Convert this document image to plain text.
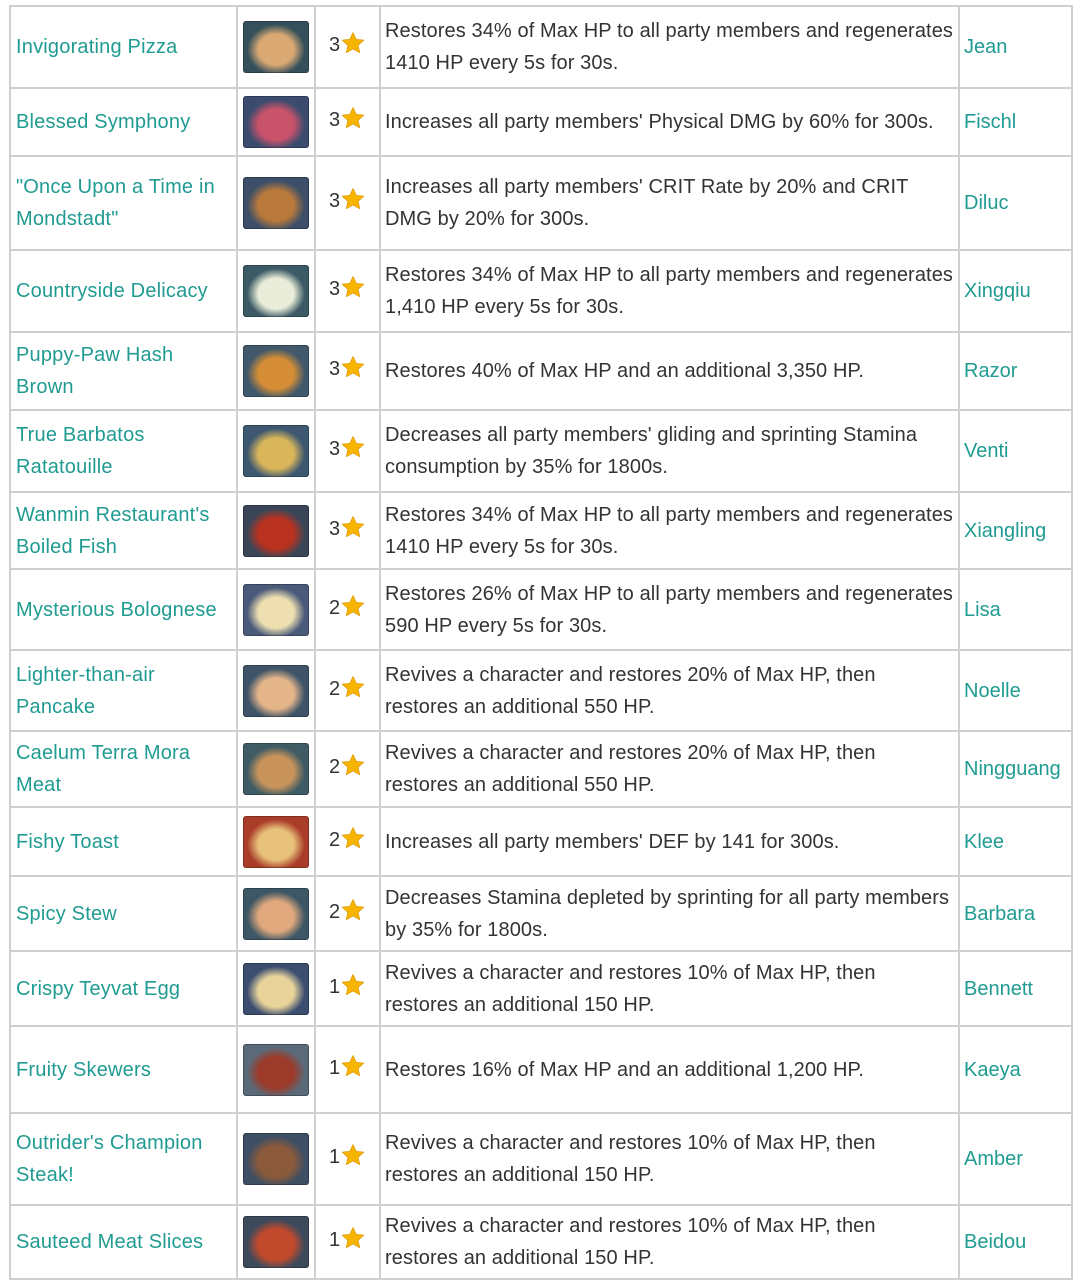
Invigorating Pizza		3	Restores 34% of Max HP to all party members and regenerates 1410 HP every 5s for 30s.	Jean
Blessed Symphony		3	Increases all party members' Physical DMG by 60% for 300s.	Fischl
"Once Upon a Time in Mondstadt"		3	Increases all party members' CRIT Rate by 20% and CRIT DMG by 20% for 300s.	Diluc
Countryside Delicacy		3	Restores 34% of Max HP to all party members and regenerates 1,410 HP every 5s for 30s.	Xingqiu
Puppy-Paw Hash Brown		3	Restores 40% of Max HP and an additional 3,350 HP.	Razor
True Barbatos Ratatouille		3	Decreases all party members' gliding and sprinting Stamina consumption by 35% for 1800s.	Venti
Wanmin Restaurant's Boiled Fish		3	Restores 34% of Max HP to all party members and regenerates 1410 HP every 5s for 30s.	Xiangling
Mysterious Bolognese		2	Restores 26% of Max HP to all party members and regenerates 590 HP every 5s for 30s.	Lisa
Lighter-than-air Pancake		2	Revives a character and restores 20% of Max HP, then restores an additional 550 HP.	Noelle
Caelum Terra Mora Meat		2	Revives a character and restores 20% of Max HP, then restores an additional 550 HP.	Ningguang
Fishy Toast		2	Increases all party members' DEF by 141 for 300s.	Klee
Spicy Stew		2	Decreases Stamina depleted by sprinting for all party members by 35% for 1800s.	Barbara
Crispy Teyvat Egg		1	Revives a character and restores 10% of Max HP, then restores an additional 150 HP.	Bennett
Fruity Skewers		1	Restores 16% of Max HP and an additional 1,200 HP.	Kaeya
Outrider's Champion Steak!		1	Revives a character and restores 10% of Max HP, then restores an additional 150 HP.	Amber
Sauteed Meat Slices		1	Revives a character and restores 10% of Max HP, then restores an additional 150 HP.	Beidou
